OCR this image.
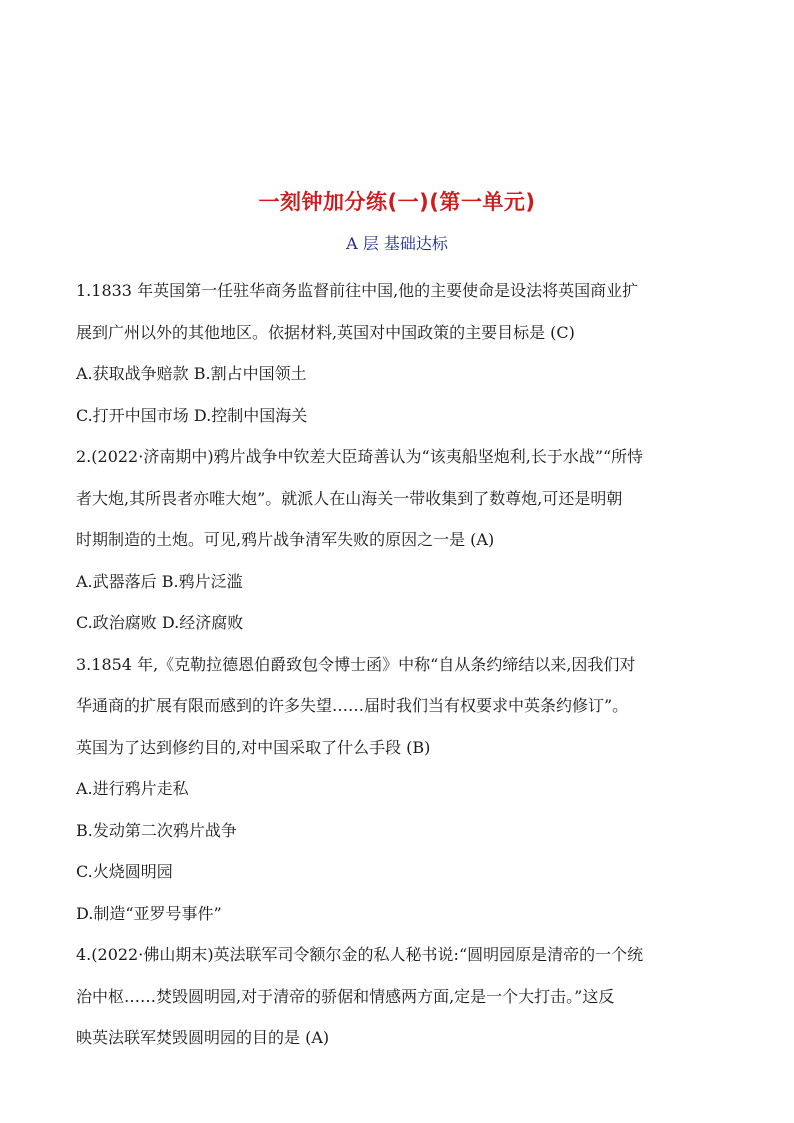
一刻钟加分练(一)(第一单元)
A 层 基础达标
1.1833 年英国第一任驻华商务监督前往中国,他的主要使命是设法将英国商业扩
展到广州以外的其他地区。依据材料,英国对中国政策的主要目标是 (C)
A.获取战争赔款 B.割占中国领土
C.打开中国市场 D.控制中国海关
2.(2022·济南期中)鸦片战争中钦差大臣琦善认为“该夷船坚炮利,长于水战”“所恃
者大炮,其所畏者亦唯大炮”。就派人在山海关一带收集到了数尊炮,可还是明朝
时期制造的土炮。可见,鸦片战争清军失败的原因之一是 (A)
A.武器落后 B.鸦片泛滥
C.政治腐败 D.经济腐败
3.1854 年,《克勒拉德恩伯爵致包令博士函》中称“自从条约缔结以来,因我们对
华通商的扩展有限而感到的许多失望……届时我们当有权要求中英条约修订”。
英国为了达到修约目的,对中国采取了什么手段 (B)
A.进行鸦片走私
B.发动第二次鸦片战争
C.火烧圆明园
D.制造“亚罗号事件”
4.(2022·佛山期末)英法联军司令额尔金的私人秘书说:“圆明园原是清帝的一个统
治中枢……焚毁圆明园,对于清帝的骄倨和情感两方面,定是一个大打击。”这反
映英法联军焚毁圆明园的目的是 (A)
